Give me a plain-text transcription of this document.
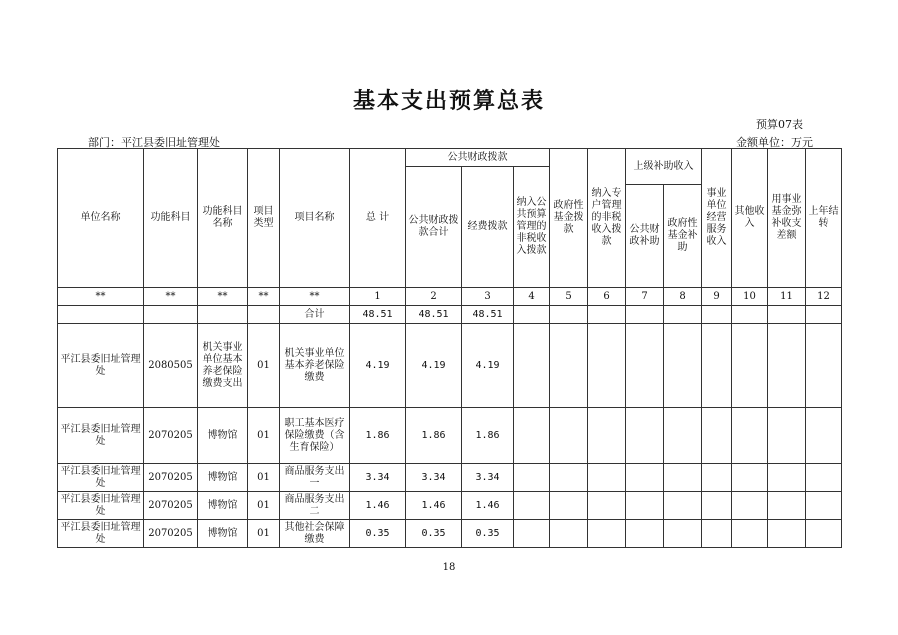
基本支出预算总表
预算07表
部门：平江县委旧址管理处	金额单位：万元
单位名称	功能科目	功能科目名称	项目类型	项目名称	总 计	公共财政拨款			政府性基金拨款	纳入专户管理的非税收入拨款	上级补助收入		事业单位经营服务收入	其他收入	用事业基金弥补收支差额	上年结转
						公共财政拨款合计	经费拨款	纳入公共预算管理的非税收入拨款								
											公共财政补助	政府性基金补助				
**	**	**	**	**	1	2	3	4	5	6	7	8	9	10	11	12
				合计	48.51	48.51	48.51									
平江县委旧址管理处	2080505	机关事业单位基本养老保险缴费支出	01	机关事业单位基本养老保险缴费	4.19	4.19	4.19									
平江县委旧址管理处	2070205	博物馆	01	职工基本医疗保险缴费（含生育保险）	1.86	1.86	1.86									
平江县委旧址管理处	2070205	博物馆	01	商品服务支出一	3.34	3.34	3.34									
平江县委旧址管理处	2070205	博物馆	01	商品服务支出二	1.46	1.46	1.46									
平江县委旧址管理处	2070205	博物馆	01	其他社会保障缴费	0.35	0.35	0.35									
18
